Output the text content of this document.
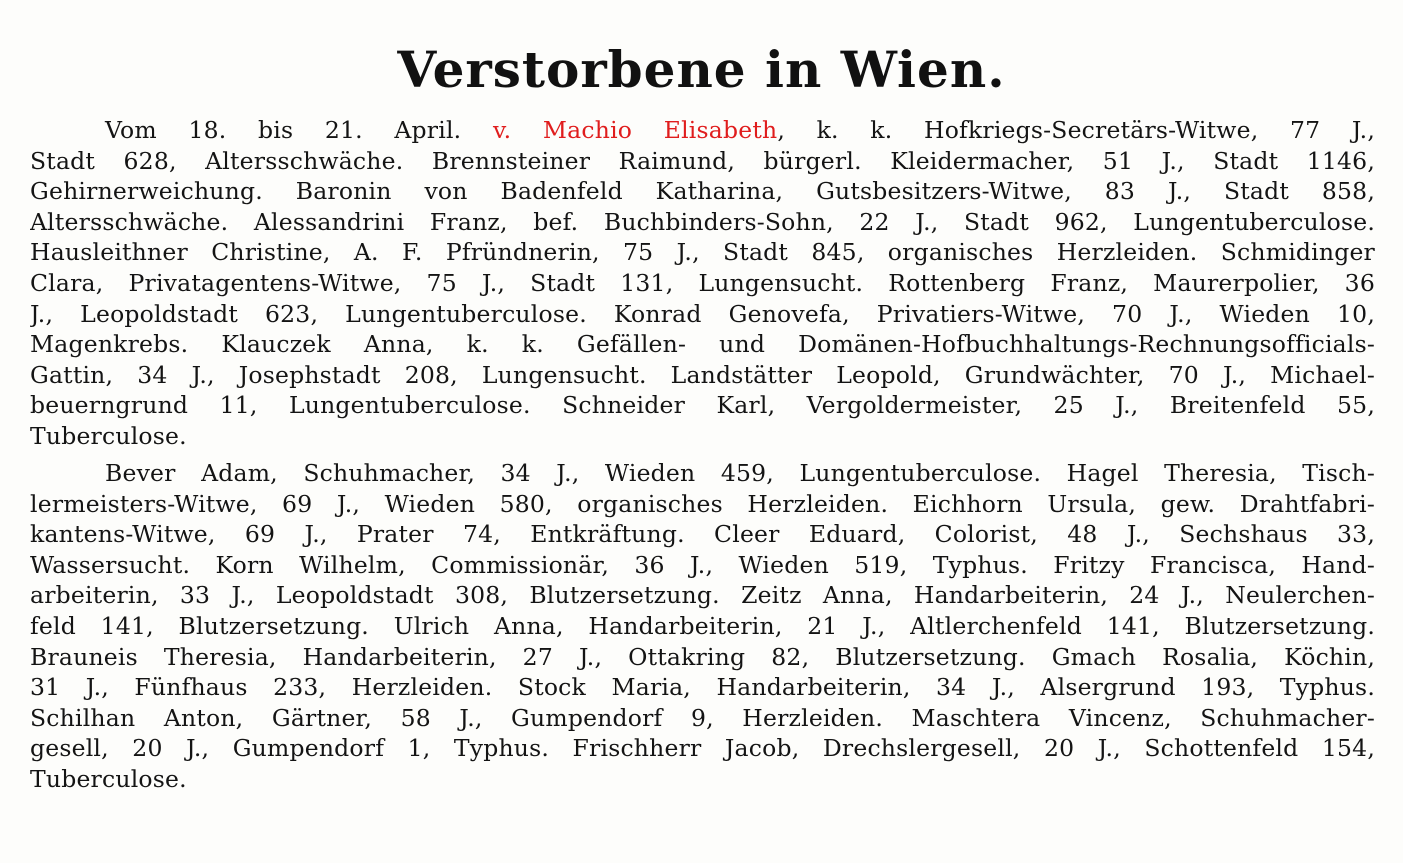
Verstorbene in Wien.
Vom 18. bis 21. April. v. Machio Elisabeth, k. k. Hofkriegs-Secretärs-Witwe, 77 J.,
Stadt 628, Altersschwäche. Brennsteiner Raimund, bürgerl. Kleidermacher, 51 J., Stadt 1146,
Gehirnerweichung. Baronin von Badenfeld Katharina, Gutsbesitzers-Witwe, 83 J., Stadt 858,
Altersschwäche. Alessandrini Franz, bef. Buchbinders-Sohn, 22 J., Stadt 962, Lungentuberculose.
Hausleithner Christine, A. F. Pfründnerin, 75 J., Stadt 845, organisches Herzleiden. Schmidinger
Clara, Privatagentens-Witwe, 75 J., Stadt 131, Lungensucht. Rottenberg Franz, Maurerpolier, 36
J., Leopoldstadt 623, Lungentuberculose. Konrad Genovefa, Privatiers-Witwe, 70 J., Wieden 10,
Magenkrebs. Klauczek Anna, k. k. Gefällen- und Domänen-Hofbuchhaltungs-Rechnungsofficials-
Gattin, 34 J., Josephstadt 208, Lungensucht. Landstätter Leopold, Grundwächter, 70 J., Michael-
beuerngrund 11, Lungentuberculose. Schneider Karl, Vergoldermeister, 25 J., Breitenfeld 55,
Tuberculose.
Bever Adam, Schuhmacher, 34 J., Wieden 459, Lungentuberculose. Hagel Theresia, Tisch-
lermeisters-Witwe, 69 J., Wieden 580, organisches Herzleiden. Eichhorn Ursula, gew. Drahtfabri-
kantens-Witwe, 69 J., Prater 74, Entkräftung. Cleer Eduard, Colorist, 48 J., Sechshaus 33,
Wassersucht. Korn Wilhelm, Commissionär, 36 J., Wieden 519, Typhus. Fritzy Francisca, Hand-
arbeiterin, 33 J., Leopoldstadt 308, Blutzersetzung. Zeitz Anna, Handarbeiterin, 24 J., Neulerchen-
feld 141, Blutzersetzung. Ulrich Anna, Handarbeiterin, 21 J., Altlerchenfeld 141, Blutzersetzung.
Brauneis Theresia, Handarbeiterin, 27 J., Ottakring 82, Blutzersetzung. Gmach Rosalia, Köchin,
31 J., Fünfhaus 233, Herzleiden. Stock Maria, Handarbeiterin, 34 J., Alsergrund 193, Typhus.
Schilhan Anton, Gärtner, 58 J., Gumpendorf 9, Herzleiden. Maschtera Vincenz, Schuhmacher-
gesell, 20 J., Gumpendorf 1, Typhus. Frischherr Jacob, Drechslergesell, 20 J., Schottenfeld 154,
Tuberculose.
